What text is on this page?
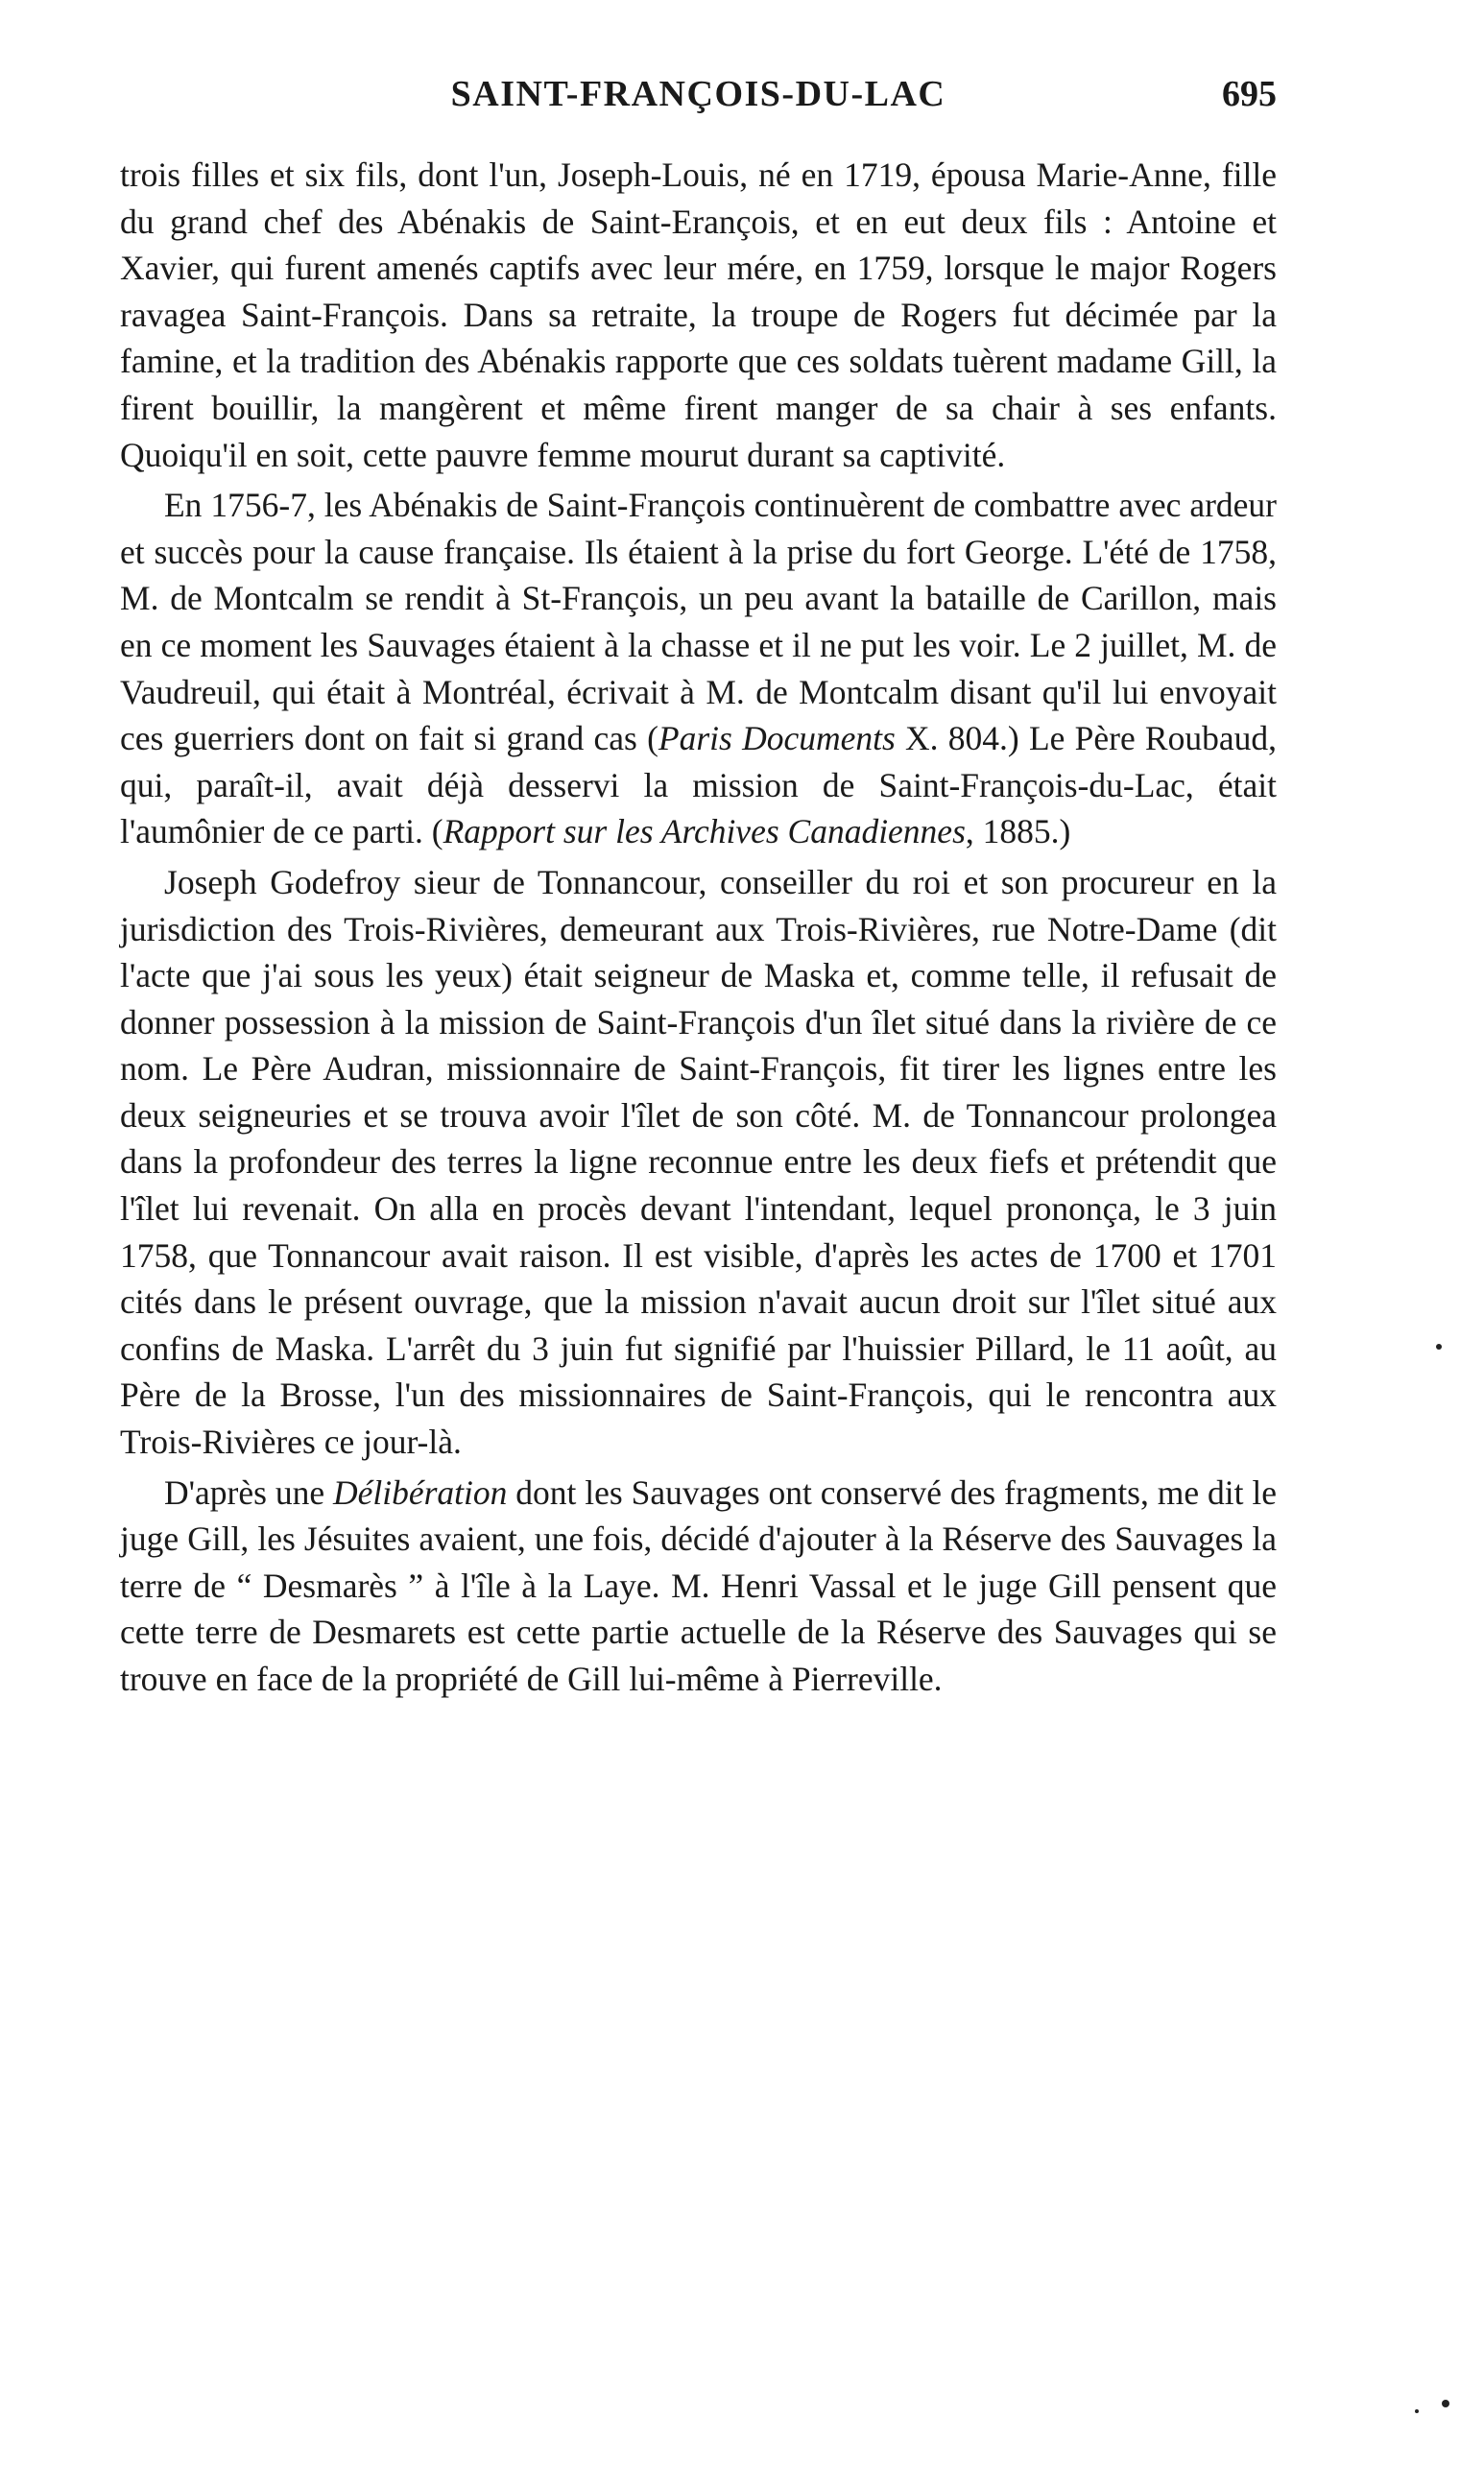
SAINT-FRANÇOIS-DU-LAC	695

trois filles et six fils, dont l'un, Joseph-Louis, né en 1719, épousa Marie-Anne, fille du grand chef des Abénakis de Saint-Erançois, et en eut deux fils : Antoine et Xavier, qui furent amenés captifs avec leur mére, en 1759, lorsque le major Rogers ravagea Saint-François. Dans sa retraite, la troupe de Rogers fut décimée par la famine, et la tradition des Abénakis rapporte que ces soldats tuèrent madame Gill, la firent bouillir, la mangèrent et même firent manger de sa chair à ses enfants. Quoiqu'il en soit, cette pauvre femme mourut durant sa captivité.

En 1756-7, les Abénakis de Saint-François continuèrent de combattre avec ardeur et succès pour la cause française. Ils étaient à la prise du fort George. L'été de 1758, M. de Montcalm se rendit à St-François, un peu avant la bataille de Carillon, mais en ce moment les Sauvages étaient à la chasse et il ne put les voir. Le 2 juillet, M. de Vaudreuil, qui était à Montréal, écrivait à M. de Montcalm disant qu'il lui envoyait ces guerriers dont on fait si grand cas (Paris Documents X. 804.) Le Père Roubaud, qui, paraît-il, avait déjà desservi la mission de Saint-François-du-Lac, était l'aumônier de ce parti. (Rapport sur les Archives Canadiennes, 1885.)

Joseph Godefroy sieur de Tonnancour, conseiller du roi et son procureur en la jurisdiction des Trois-Rivières, demeurant aux Trois-Rivières, rue Notre-Dame (dit l'acte que j'ai sous les yeux) était seigneur de Maska et, comme telle, il refusait de donner possession à la mission de Saint-François d'un îlet situé dans la rivière de ce nom. Le Père Audran, missionnaire de Saint-François, fit tirer les lignes entre les deux seigneuries et se trouva avoir l'îlet de son côté. M. de Tonnancour prolongea dans la profondeur des terres la ligne reconnue entre les deux fiefs et prétendit que l'îlet lui revenait. On alla en procès devant l'intendant, lequel prononça, le 3 juin 1758, que Tonnancour avait raison. Il est visible, d'après les actes de 1700 et 1701 cités dans le présent ouvrage, que la mission n'avait aucun droit sur l'îlet situé aux confins de Maska. L'arrêt du 3 juin fut signifié par l'huissier Pillard, le 11 août, au Père de la Brosse, l'un des missionnaires de Saint-François, qui le rencontra aux Trois-Rivières ce jour-là.

D'après une Délibération dont les Sauvages ont conservé des fragments, me dit le juge Gill, les Jésuites avaient, une fois, décidé d'ajouter à la Réserve des Sauvages la terre de “ Desmarès ” à l'île à la Laye. M. Henri Vassal et le juge Gill pensent que cette terre de Desmarets est cette partie actuelle de la Réserve des Sauvages qui se trouve en face de la propriété de Gill lui-même à Pierreville.
